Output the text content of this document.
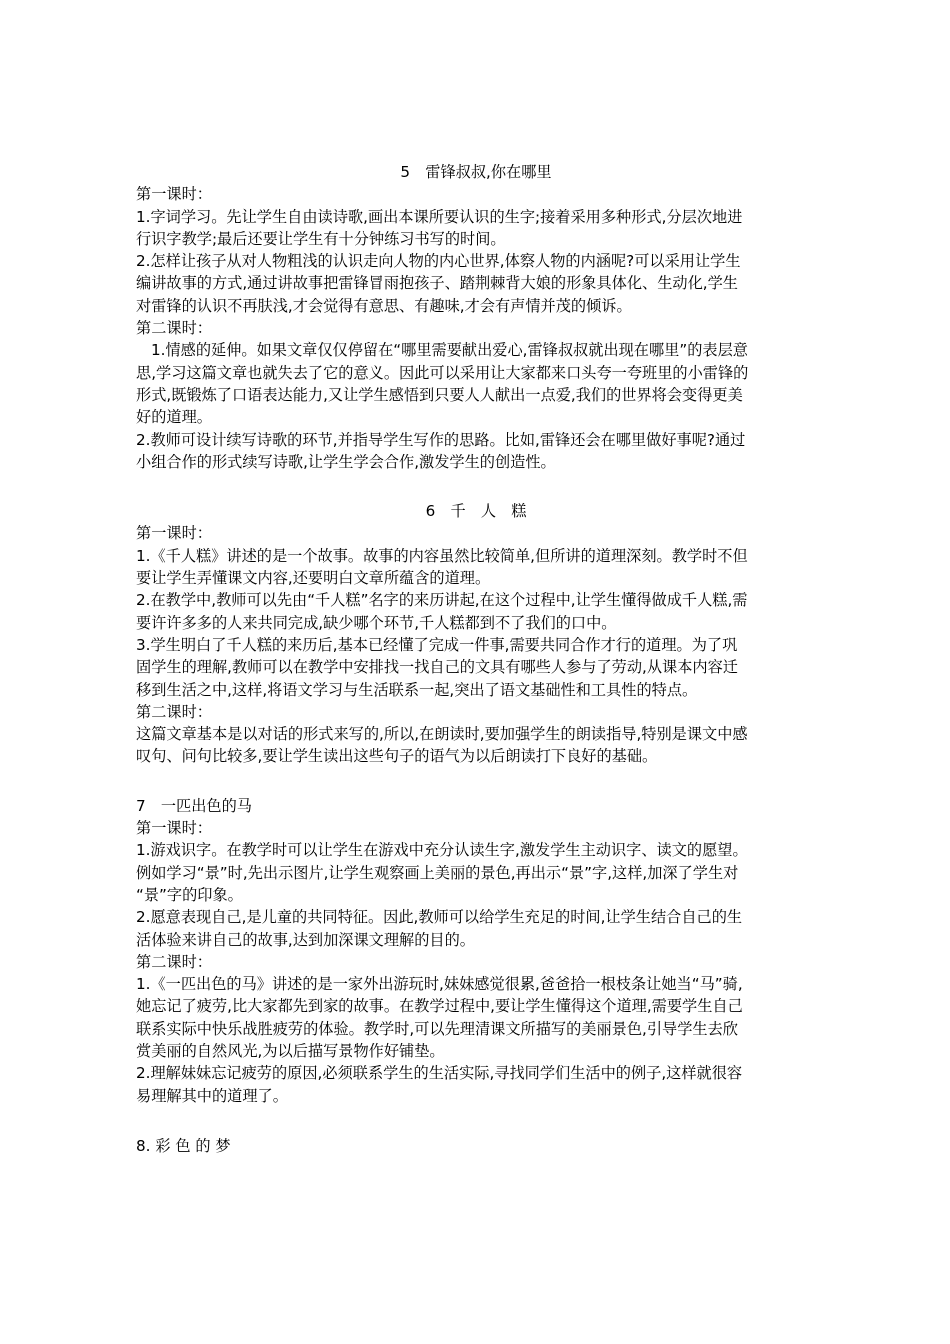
5　雷锋叔叔,你在哪里

第一课时：

1.字词学习。先让学生自由读诗歌,画出本课所要认识的生字;接着采用多种形式,分层次地进

行识字教学;最后还要让学生有十分钟练习书写的时间。

2.怎样让孩子从对人物粗浅的认识走向人物的内心世界,体察人物的内涵呢?可以采用让学生

编讲故事的方式,通过讲故事把雷锋冒雨抱孩子、踏荆棘背大娘的形象具体化、生动化,学生

对雷锋的认识不再肤浅,才会觉得有意思、有趣味,才会有声情并茂的倾诉。

第二课时：

1.情感的延伸。如果文章仅仅停留在“哪里需要献出爱心,雷锋叔叔就出现在哪里”的表层意

思,学习这篇文章也就失去了它的意义。因此可以采用让大家都来口头夸一夸班里的小雷锋的

形式,既锻炼了口语表达能力,又让学生感悟到只要人人献出一点爱,我们的世界将会变得更美

好的道理。

2.教师可设计续写诗歌的环节,并指导学生写作的思路。比如,雷锋还会在哪里做好事呢?通过

小组合作的形式续写诗歌,让学生学会合作,激发学生的创造性。

6　千　人　糕

第一课时：

1.《千人糕》讲述的是一个故事。故事的内容虽然比较简单,但所讲的道理深刻。教学时不但

要让学生弄懂课文内容,还要明白文章所蕴含的道理。

2.在教学中,教师可以先由“千人糕”名字的来历讲起,在这个过程中,让学生懂得做成千人糕,需

要许许多多的人来共同完成,缺少哪个环节,千人糕都到不了我们的口中。

3.学生明白了千人糕的来历后,基本已经懂了完成一件事,需要共同合作才行的道理。为了巩

固学生的理解,教师可以在教学中安排找一找自己的文具有哪些人参与了劳动,从课本内容迁

移到生活之中,这样,将语文学习与生活联系一起,突出了语文基础性和工具性的特点。

第二课时：

这篇文章基本是以对话的形式来写的,所以,在朗读时,要加强学生的朗读指导,特别是课文中感

叹句、问句比较多,要让学生读出这些句子的语气为以后朗读打下良好的基础。

7　一匹出色的马

第一课时：

1.游戏识字。在教学时可以让学生在游戏中充分认读生字,激发学生主动识字、读文的愿望。

例如学习“景”时,先出示图片,让学生观察画上美丽的景色,再出示“景”字,这样,加深了学生对

“景”字的印象。

2.愿意表现自己,是儿童的共同特征。因此,教师可以给学生充足的时间,让学生结合自己的生

活体验来讲自己的故事,达到加深课文理解的目的。

第二课时：

1.《一匹出色的马》讲述的是一家外出游玩时,妹妹感觉很累,爸爸拾一根枝条让她当“马”骑,

她忘记了疲劳,比大家都先到家的故事。在教学过程中,要让学生懂得这个道理,需要学生自己

联系实际中快乐战胜疲劳的体验。教学时,可以先理清课文所描写的美丽景色,引导学生去欣

赏美丽的自然风光,为以后描写景物作好铺垫。

2.理解妹妹忘记疲劳的原因,必须联系学生的生活实际,寻找同学们生活中的例子,这样就很容

易理解其中的道理了。

8. 彩 色 的 梦
